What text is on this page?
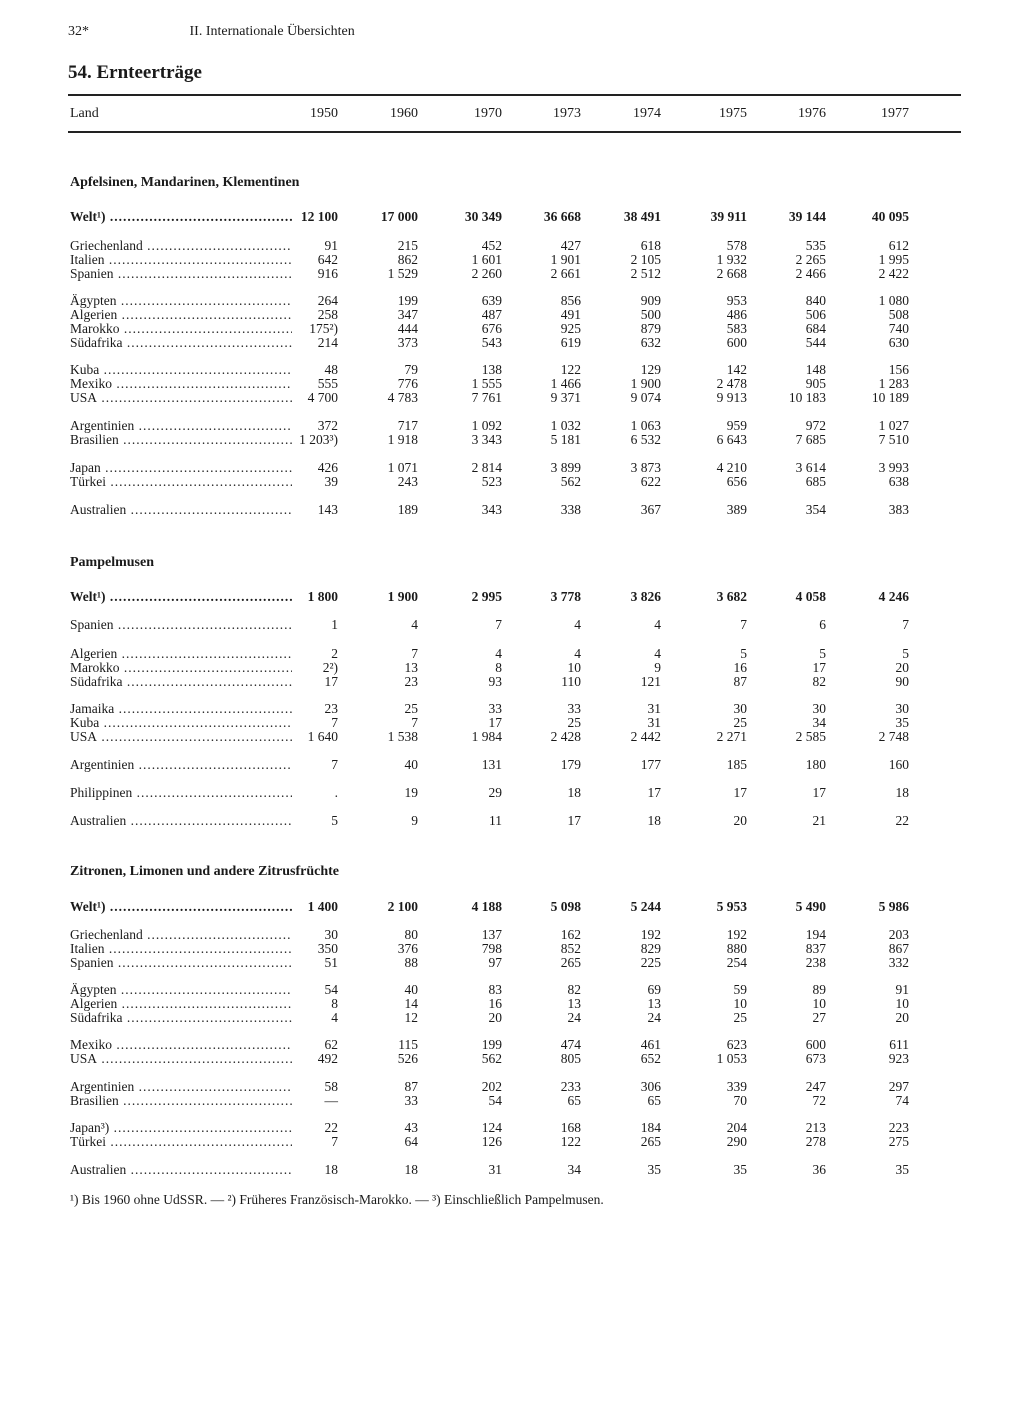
32*	II. Internationale Übersichten
54. Ernteerträge
Land	1950	1960	1970	1973	1974	1975	1976	1977
Apfelsinen, Mandarinen, Klementinen
Welt¹) .....	12 100	17 000	30 349	36 668	38 491	39 911	39 144	40 095
Griechenland .....	91	215	452	427	618	578	535	612
Italien .....	642	862	1 601	1 901	2 105	1 932	2 265	1 995
Spanien .....	916	1 529	2 260	2 661	2 512	2 668	2 466	2 422
Ägypten .....	264	199	639	856	909	953	840	1 080
Algerien .....	258	347	487	491	500	486	506	508
Marokko .....	175²)	444	676	925	879	583	684	740
Südafrika .....	214	373	543	619	632	600	544	630
Kuba .....	48	79	138	122	129	142	148	156
Mexiko .....	555	776	1 555	1 466	1 900	2 478	905	1 283
USA .....	4 700	4 783	7 761	9 371	9 074	9 913	10 183	10 189
Argentinien .....	372	717	1 092	1 032	1 063	959	972	1 027
Brasilien .....	1 203³)	1 918	3 343	5 181	6 532	6 643	7 685	7 510
Japan .....	426	1 071	2 814	3 899	3 873	4 210	3 614	3 993
Türkei .....	39	243	523	562	622	656	685	638
Australien .....	143	189	343	338	367	389	354	383
Pampelmusen
Welt¹) .....	1 800	1 900	2 995	3 778	3 826	3 682	4 058	4 246
Spanien .....	1	4	7	4	4	7	6	7
Algerien .....	2	7	4	4	4	5	5	5
Marokko .....	2²)	13	8	10	9	16	17	20
Südafrika .....	17	23	93	110	121	87	82	90
Jamaika .....	23	25	33	33	31	30	30	30
Kuba .....	7	7	17	25	31	25	34	35
USA .....	1 640	1 538	1 984	2 428	2 442	2 271	2 585	2 748
Argentinien .....	7	40	131	179	177	185	180	160
Philippinen .....	.	19	29	18	17	17	17	18
Australien .....	5	9	11	17	18	20	21	22
Zitronen, Limonen und andere Zitrusfrüchte
Welt¹) .....	1 400	2 100	4 188	5 098	5 244	5 953	5 490	5 986
Griechenland .....	30	80	137	162	192	192	194	203
Italien .....	350	376	798	852	829	880	837	867
Spanien .....	51	88	97	265	225	254	238	332
Ägypten .....	54	40	83	82	69	59	89	91
Algerien .....	8	14	16	13	13	10	10	10
Südafrika .....	4	12	20	24	24	25	27	20
Mexiko .....	62	115	199	474	461	623	600	611
USA .....	492	526	562	805	652	1 053	673	923
Argentinien .....	58	87	202	233	306	339	247	297
Brasilien .....	—	33	54	65	65	70	72	74
Japan³) .....	22	43	124	168	184	204	213	223
Türkei .....	7	64	126	122	265	290	278	275
Australien .....	18	18	31	34	35	35	36	35
¹) Bis 1960 ohne UdSSR. — ²) Früheres Französisch-Marokko. — ³) Einschließlich Pampelmusen.
